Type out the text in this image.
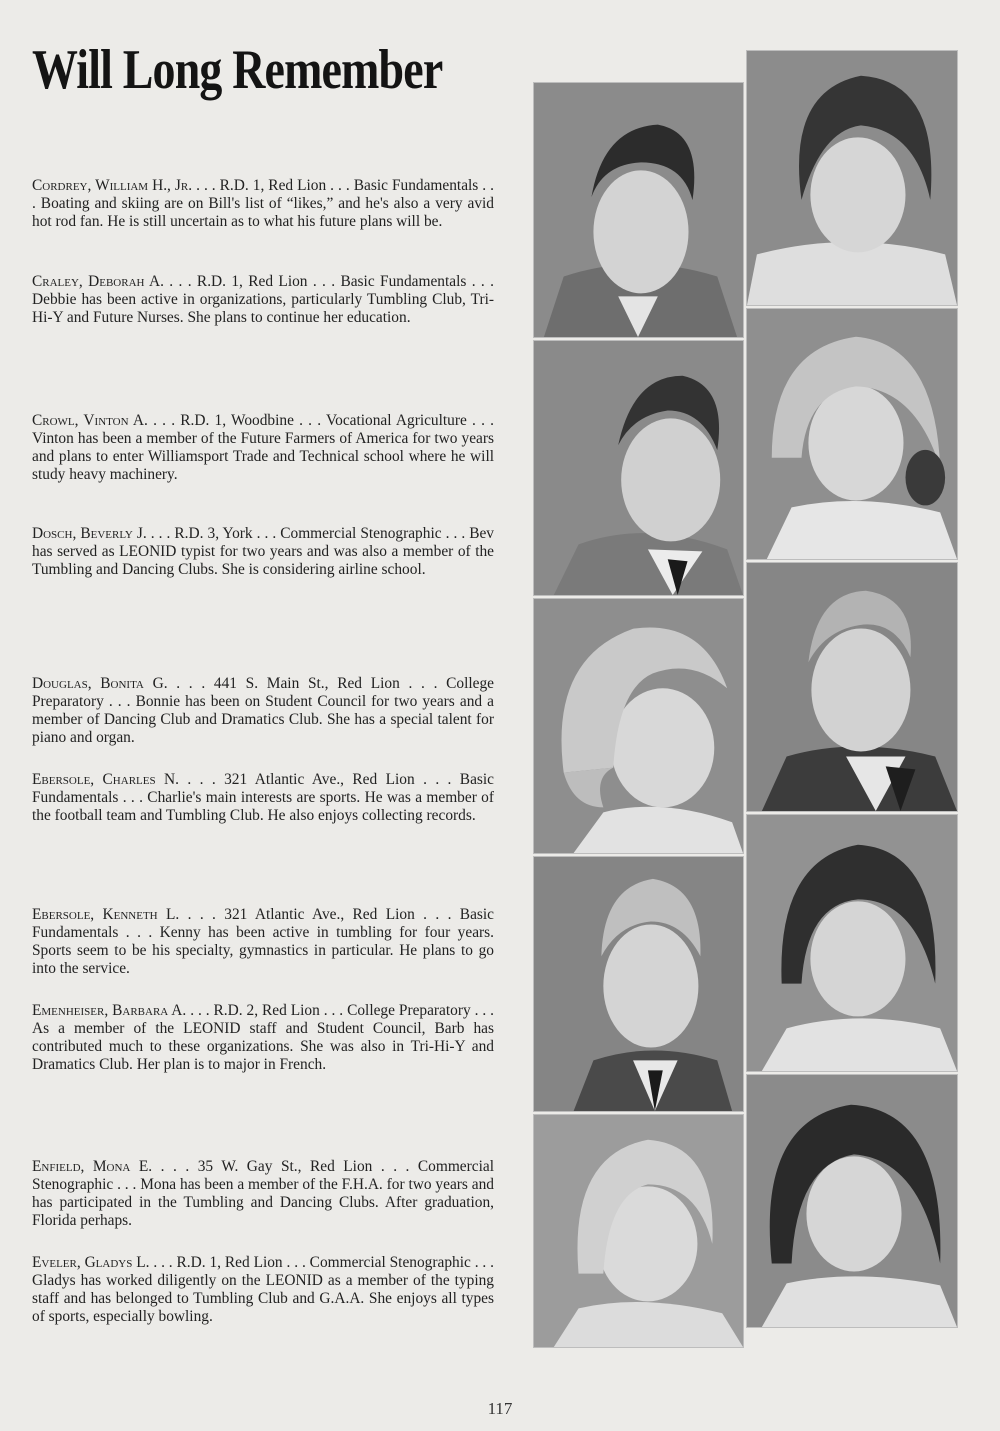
Will Long Remember

Cordrey, William H., Jr. . . . R.D. 1, Red Lion . . . Basic Fundamentals . . . Boating and skiing are on Bill's list of “likes,” and he's also a very avid hot rod fan. He is still uncertain as to what his future plans will be.

Craley, Deborah A. . . . R.D. 1, Red Lion . . . Basic Fundamentals . . . Debbie has been active in organizations, particularly Tumbling Club, Tri-Hi-Y and Future Nurses. She plans to continue her education.

Crowl, Vinton A. . . . R.D. 1, Woodbine . . . Vocational Agriculture . . . Vinton has been a member of the Future Farmers of America for two years and plans to enter Williamsport Trade and Technical school where he will study heavy machinery.

Dosch, Beverly J. . . . R.D. 3, York . . . Commercial Stenographic . . . Bev has served as LEONID typist for two years and was also a member of the Tumbling and Dancing Clubs. She is considering airline school.

Douglas, Bonita G. . . . 441 S. Main St., Red Lion . . . College Preparatory . . . Bonnie has been on Student Council for two years and a member of Dancing Club and Dramatics Club. She has a special talent for piano and organ.

Ebersole, Charles N. . . . 321 Atlantic Ave., Red Lion . . . Basic Fundamentals . . . Charlie's main interests are sports. He was a member of the football team and Tumbling Club. He also enjoys collecting records.

Ebersole, Kenneth L. . . . 321 Atlantic Ave., Red Lion . . . Basic Fundamentals . . . Kenny has been active in tumbling for four years. Sports seem to be his specialty, gymnastics in particular. He plans to go into the service.

Emenheiser, Barbara A. . . . R.D. 2, Red Lion . . . College Preparatory . . . As a member of the LEONID staff and Student Council, Barb has contributed much to these organizations. She was also in Tri-Hi-Y and Dramatics Club. Her plan is to major in French.

Enfield, Mona E. . . . 35 W. Gay St., Red Lion . . . Commercial Stenographic . . . Mona has been a member of the F.H.A. for two years and has participated in the Tumbling and Dancing Clubs. After graduation, Florida perhaps.

Eveler, Gladys L. . . . R.D. 1, Red Lion . . . Commercial Stenographic . . . Gladys has worked diligently on the LEONID as a member of the typing staff and has belonged to Tumbling Club and G.A.A. She enjoys all types of sports, especially bowling.

117
